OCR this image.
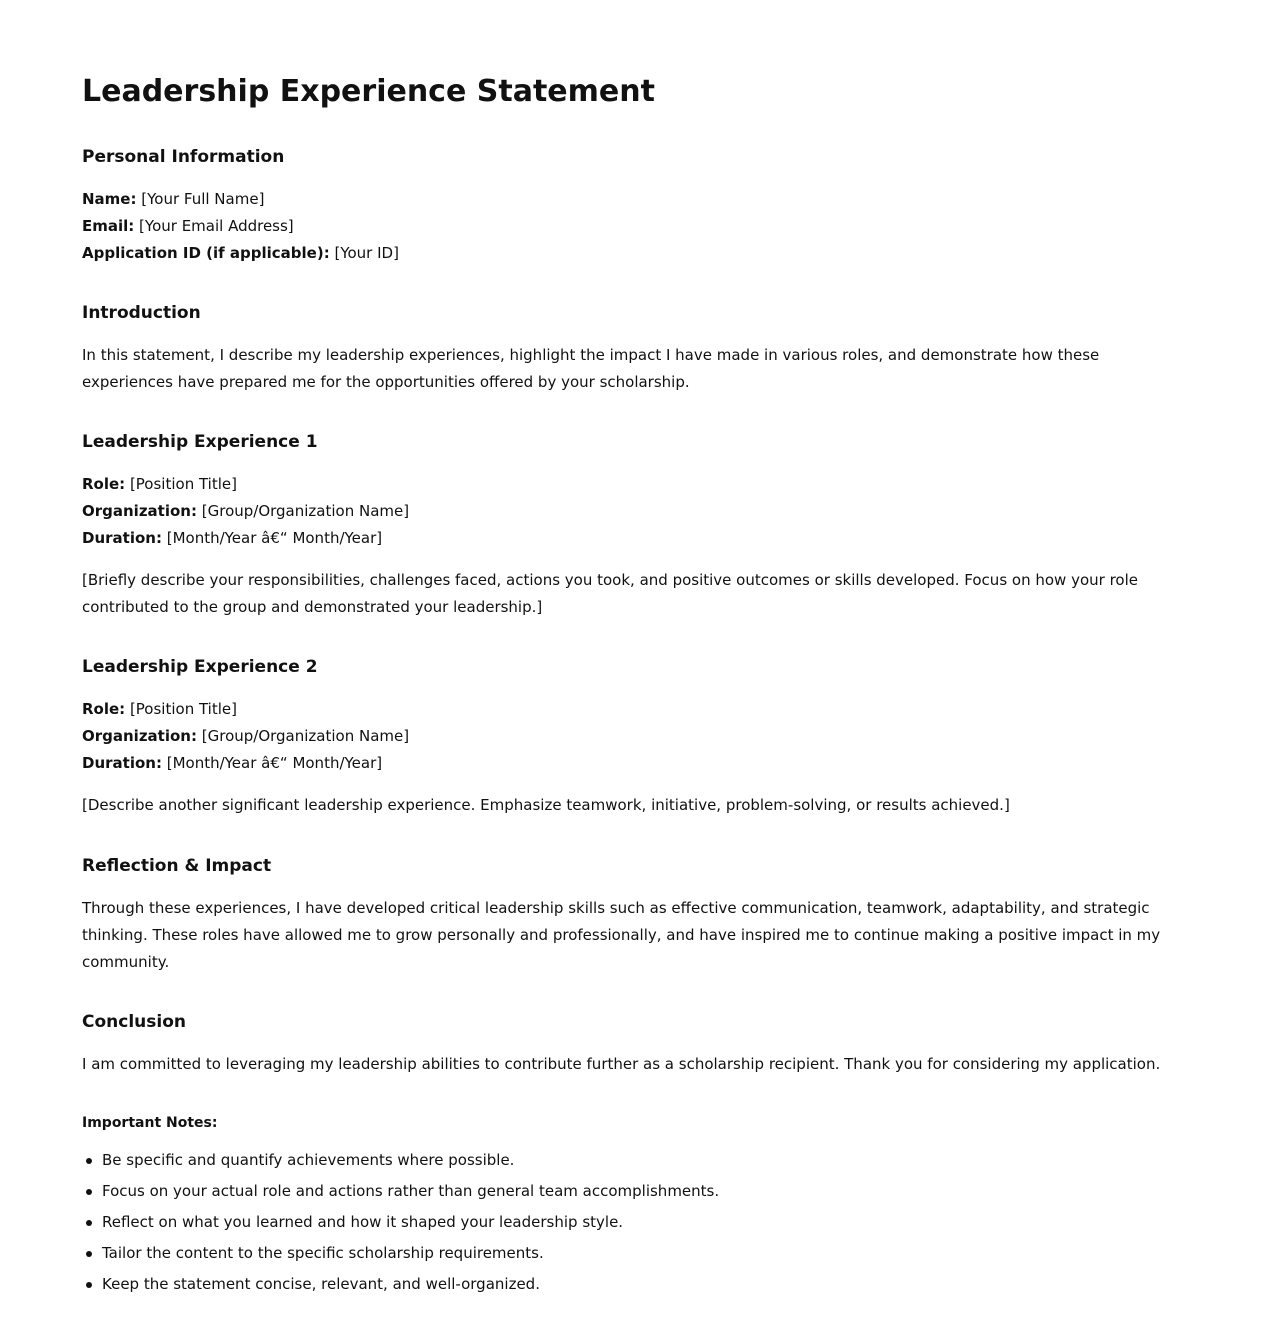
Leadership Experience Statement
Personal Information
Name: [Your Full Name]
Email: [Your Email Address]
Application ID (if applicable): [Your ID]
Introduction

In this statement, I describe my leadership experiences, highlight the impact I have made in various roles, and demonstrate how these experiences have prepared me for the opportunities offered by your scholarship.

Leadership Experience 1
Role: [Position Title]
Organization: [Group/Organization Name]
Duration: [Month/Year â€“ Month/Year]

[Briefly describe your responsibilities, challenges faced, actions you took, and positive outcomes or skills developed. Focus on how your role contributed to the group and demonstrated your leadership.]

Leadership Experience 2
Role: [Position Title]
Organization: [Group/Organization Name]
Duration: [Month/Year â€“ Month/Year]

[Describe another significant leadership experience. Emphasize teamwork, initiative, problem-solving, or results achieved.]

Reflection & Impact

Through these experiences, I have developed critical leadership skills such as effective communication, teamwork, adaptability, and strategic thinking. These roles have allowed me to grow personally and professionally, and have inspired me to continue making a positive impact in my community.

Conclusion

I am committed to leveraging my leadership abilities to contribute further as a scholarship recipient. Thank you for considering my application.

Important Notes:
Be specific and quantify achievements where possible.
Focus on your actual role and actions rather than general team accomplishments.
Reflect on what you learned and how it shaped your leadership style.
Tailor the content to the specific scholarship requirements.
Keep the statement concise, relevant, and well-organized.
